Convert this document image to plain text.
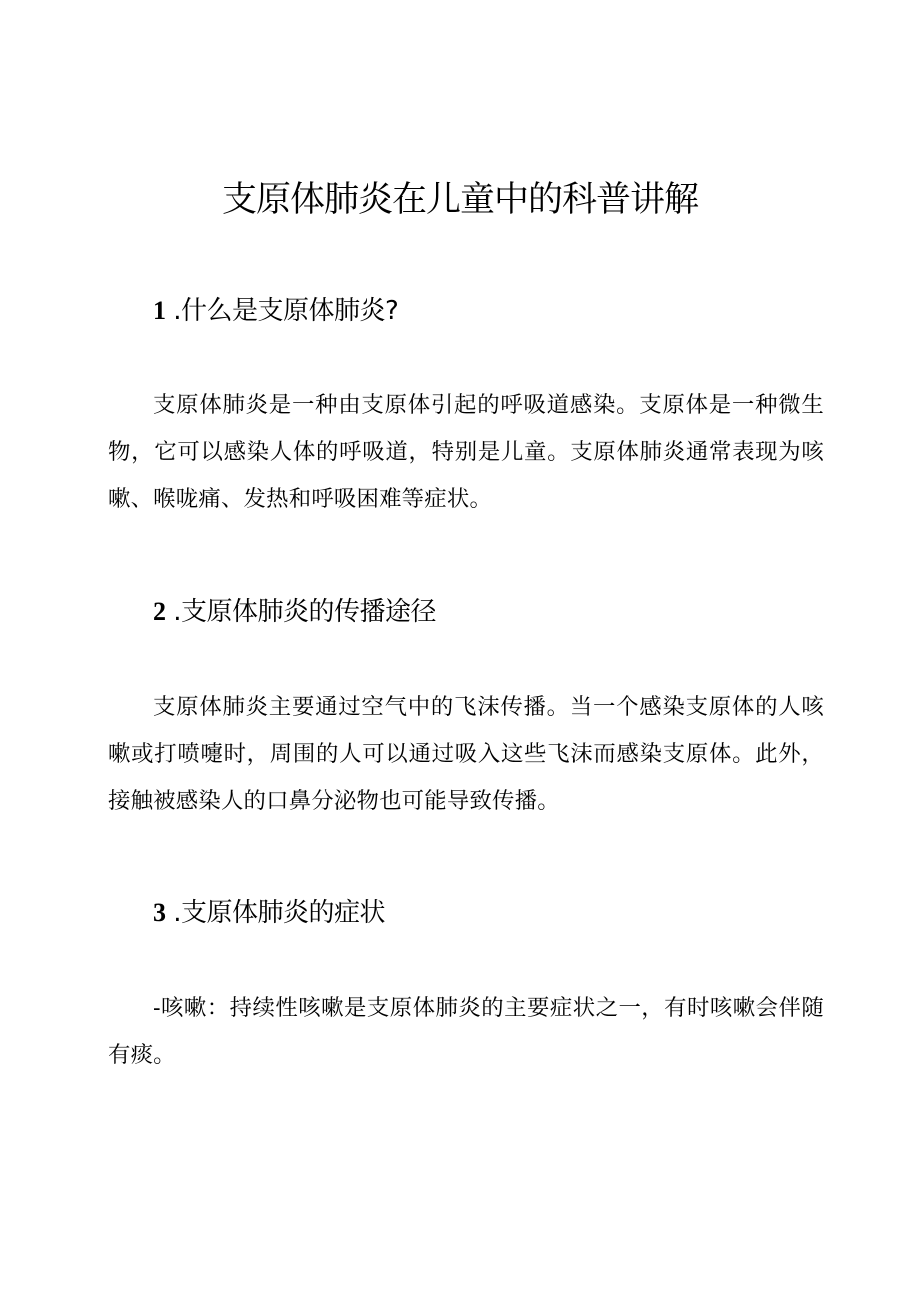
支原体肺炎在儿童中的科普讲解
1 .什么是支原体肺炎?

支原体肺炎是一种由支原体引起的呼吸道感染。支原体是一种微生物，它可以感染人体的呼吸道，特别是儿童。支原体肺炎通常表现为咳嗽、喉咙痛、发热和呼吸困难等症状。

2 .支原体肺炎的传播途径

支原体肺炎主要通过空气中的飞沫传播。当一个感染支原体的人咳嗽或打喷嚏时，周围的人可以通过吸入这些飞沫而感染支原体。此外，接触被感染人的口鼻分泌物也可能导致传播。

3 .支原体肺炎的症状

-咳嗽：持续性咳嗽是支原体肺炎的主要症状之一，有时咳嗽会伴随有痰。
